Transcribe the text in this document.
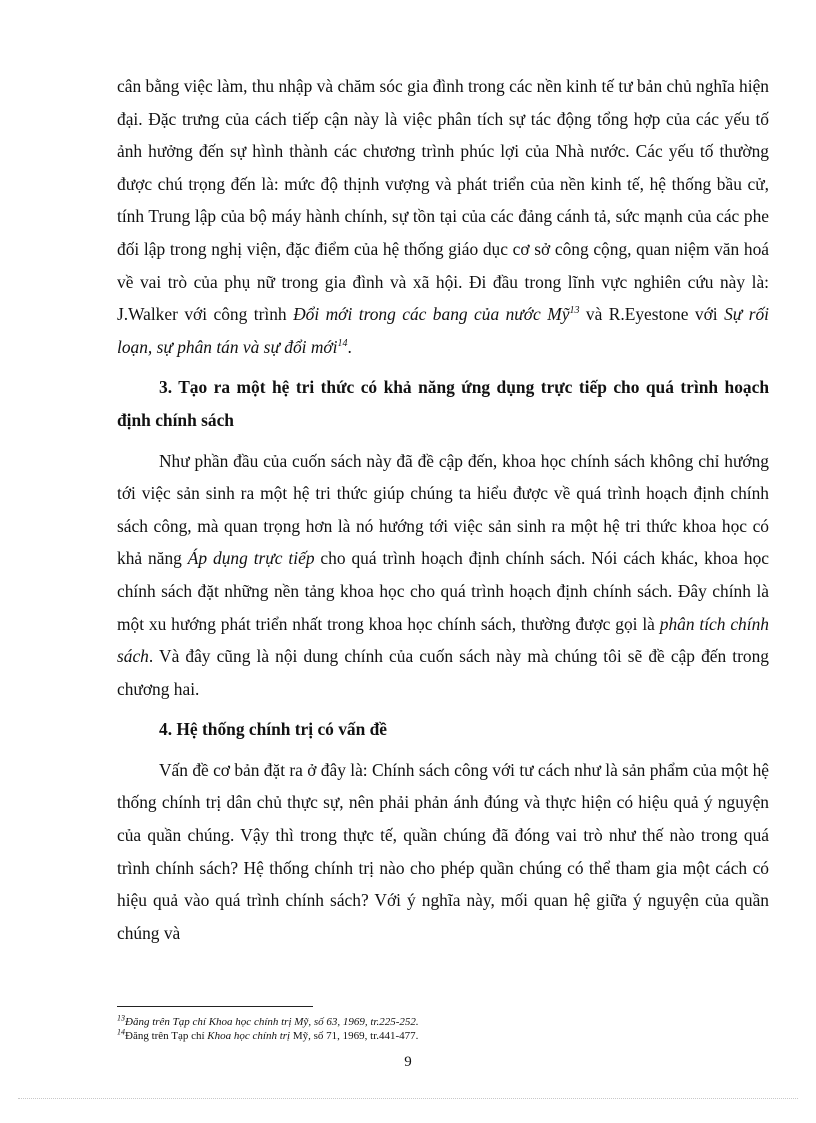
cân bằng việc làm, thu nhập và chăm sóc gia đình trong các nền kinh tế tư bản chủ nghĩa hiện đại. Đặc trưng của cách tiếp cận này là việc phân tích sự tác động tổng hợp của các yếu tố ảnh hưởng đến sự hình thành các chương trình phúc lợi của Nhà nước. Các yếu tố thường được chú trọng đến là: mức độ thịnh vượng và phát triển của nền kinh tế, hệ thống bầu cử, tính Trung lập của bộ máy hành chính, sự tồn tại của các đảng cánh tả, sức mạnh của các phe đối lập trong nghị viện, đặc điểm của hệ thống giáo dục cơ sở công cộng, quan niệm văn hoá về vai trò của phụ nữ trong gia đình và xã hội. Đi đầu trong lĩnh vực nghiên cứu này là: J.Walker với công trình Đổi mới trong các bang của nước Mỹ$^{13}$ và R.Eyestone với Sự rối loạn, sự phân tán và sự đổi mới$^{14}$.

3. Tạo ra một hệ tri thức có khả năng ứng dụng trực tiếp cho quá trình hoạch định chính sách

Như phần đầu của cuốn sách này đã đề cập đến, khoa học chính sách không chỉ hướng tới việc sản sinh ra một hệ tri thức giúp chúng ta hiểu được về quá trình hoạch định chính sách công, mà quan trọng hơn là nó hướng tới việc sản sinh ra một hệ tri thức khoa học có khả năng Áp dụng trực tiếp cho quá trình hoạch định chính sách. Nói cách khác, khoa học chính sách đặt những nền tảng khoa học cho quá trình hoạch định chính sách. Đây chính là một xu hướng phát triển nhất trong khoa học chính sách, thường được gọi là phân tích chính sách. Và đây cũng là nội dung chính của cuốn sách này mà chúng tôi sẽ đề cập đến trong chương hai.

4. Hệ thống chính trị có vấn đề

Vấn đề cơ bản đặt ra ở đây là: Chính sách công với tư cách như là sản phẩm của một hệ thống chính trị dân chủ thực sự, nên phải phản ánh đúng và thực hiện có hiệu quả ý nguyện của quần chúng. Vậy thì trong thực tế, quần chúng đã đóng vai trò như thế nào trong quá trình chính sách? Hệ thống chính trị nào cho phép quần chúng có thể tham gia một cách có hiệu quả vào quá trình chính sách? Với ý nghĩa này, mối quan hệ giữa ý nguyện của quần chúng và

$^{13}$Đăng trên Tạp chí Khoa học chính trị Mỹ, số 63, 1969, tr.225-252.
$^{14}$Đăng trên Tạp chí Khoa học chính trị Mỹ, số 71, 1969, tr.441-477.
9
